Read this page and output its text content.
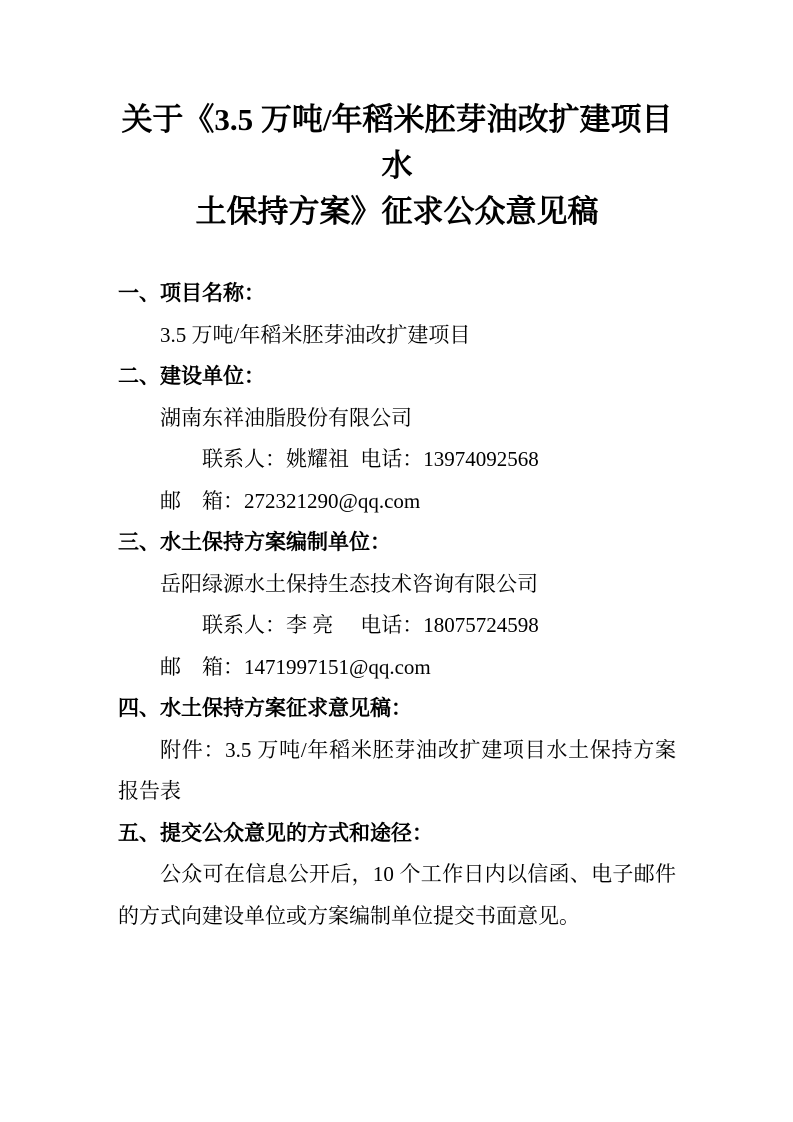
关于《3.5 万吨/年稻米胚芽油改扩建项目水
土保持方案》征求公众意见稿

一、项目名称：

3.5 万吨/年稻米胚芽油改扩建项目

二、建设单位：

湖南东祥油脂股份有限公司

联系人：姚耀祖 电话：13974092568

邮　箱：272321290@qq.com

三、水土保持方案编制单位：

岳阳绿源水土保持生态技术咨询有限公司

联系人：李 亮 电话：18075724598

邮　箱：1471997151@qq.com

四、水土保持方案征求意见稿：

附件：3.5 万吨/年稻米胚芽油改扩建项目水土保持方案报告表

五、提交公众意见的方式和途径：

公众可在信息公开后，10 个工作日内以信函、电子邮件的方式向建设单位或方案编制单位提交书面意见。
